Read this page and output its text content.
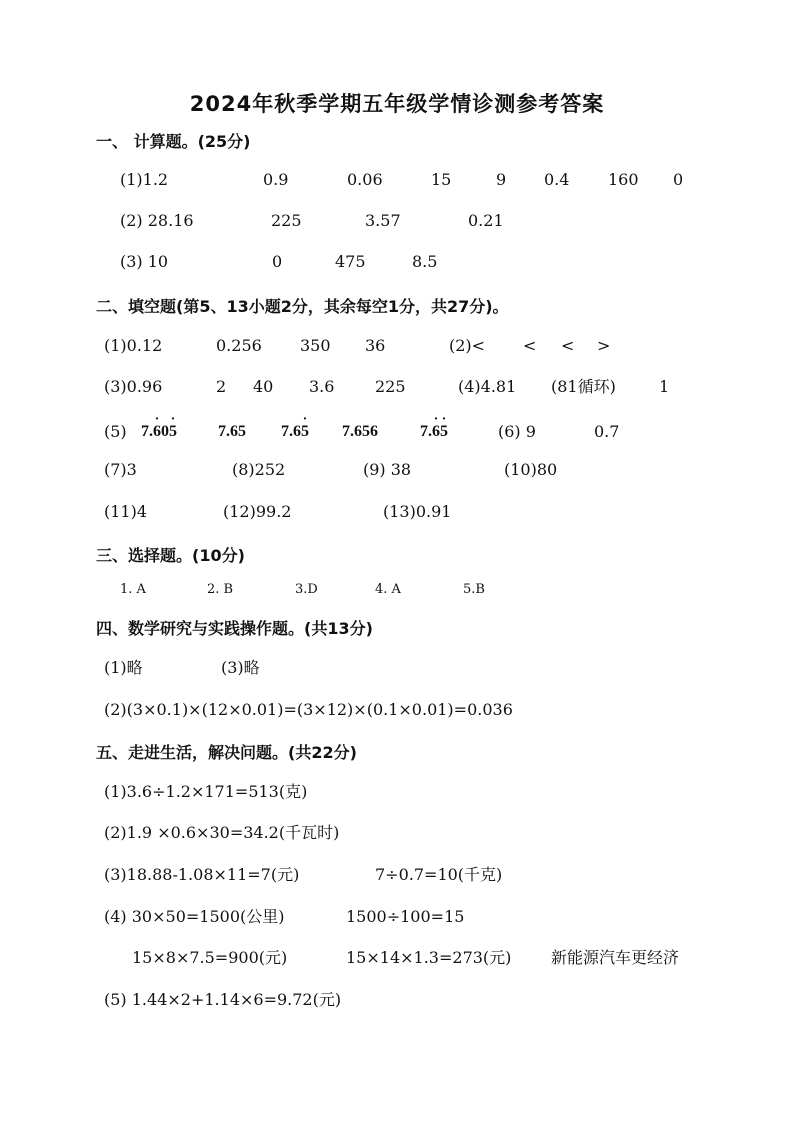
2024年秋季学期五年级学情诊测参考答案
一、 计算题。(25分)
(1)1.2	0.9	0.06	15	9 0.4 160 0
(2) 28.16	225	3.57	0.21
(3) 10	0	475	8.5
二、填空题(第5、13小题2分，其余每空1分，共27分)。
(1)0.12	0.256 350 36	(2)< < < >
(3)0.96	2 40 3.6	225	(4)4.81 (81循环)	1
(5) 7.· 60· 5	7.65 7.6· 5 7.656	7.· 6· 5	(6) 9	0.7
(7)3	(8)252	(9) 38	(10)80
(11)4	(12)99.2	(13)0.91
三、选择题。(10分)
1. A	2. B	3.D	4. A	5.B
四、数学研究与实践操作题。(共13分)
(1)略	(3)略
(2)(3×0.1)×(12×0.01)=(3×12)×(0.1×0.01)=0.036
五、走进生活，解决问题。(共22分)
(1)3.6÷1.2×171=513(克)
(2)1.9 ×0.6×30=34.2(千瓦时)
(3)18.88-1.08×11=7(元)	7÷0.7=10(千克)
(4) 30×50=1500(公里)	1500÷100=15
15×8×7.5=900(元)	15×14×1.3=273(元) 新能源汽车更经济
(5) 1.44×2+1.14×6=9.72(元)
